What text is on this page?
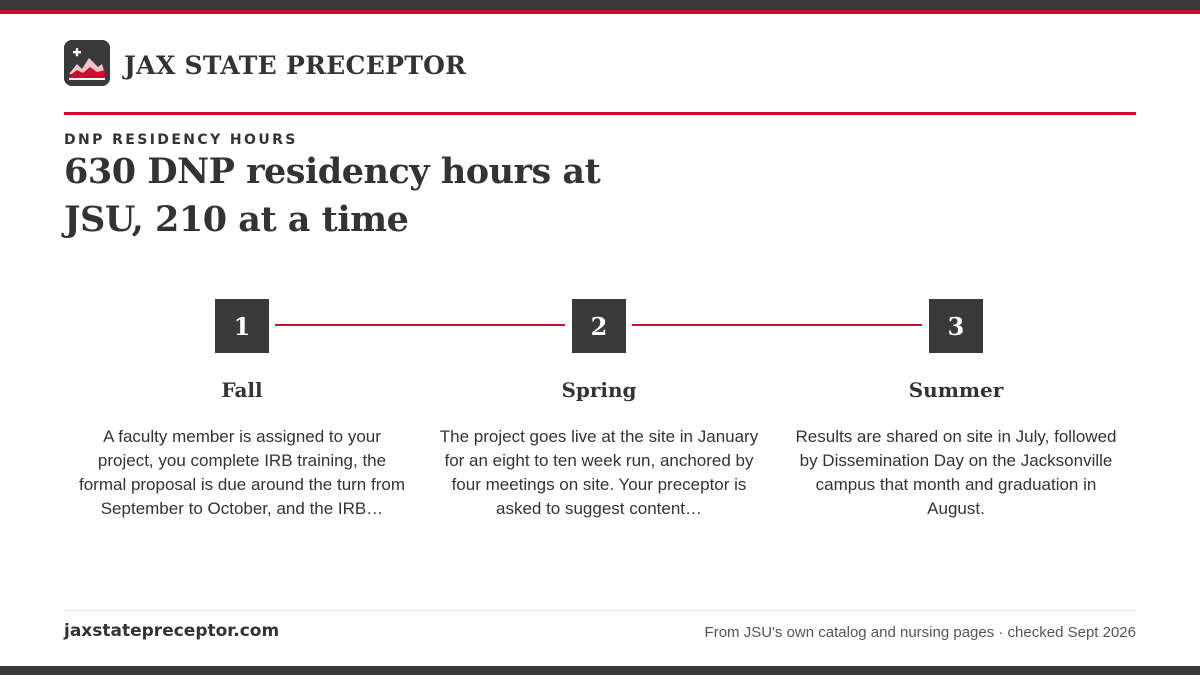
JAX STATE PRECEPTOR
DNP RESIDENCY HOURS
630 DNP residency hours at JSU, 210 at a time
1
Fall
A faculty member is assigned to your project, you complete IRB training, the formal proposal is due around the turn from September to October, and the IRB…
2
Spring
The project goes live at the site in January for an eight to ten week run, anchored by four meetings on site. Your preceptor is asked to suggest content…
3
Summer
Results are shared on site in July, followed by Dissemination Day on the Jacksonville campus that month and graduation in August.
jaxstatepreceptor.com	From JSU's own catalog and nursing pages · checked Sept 2026
